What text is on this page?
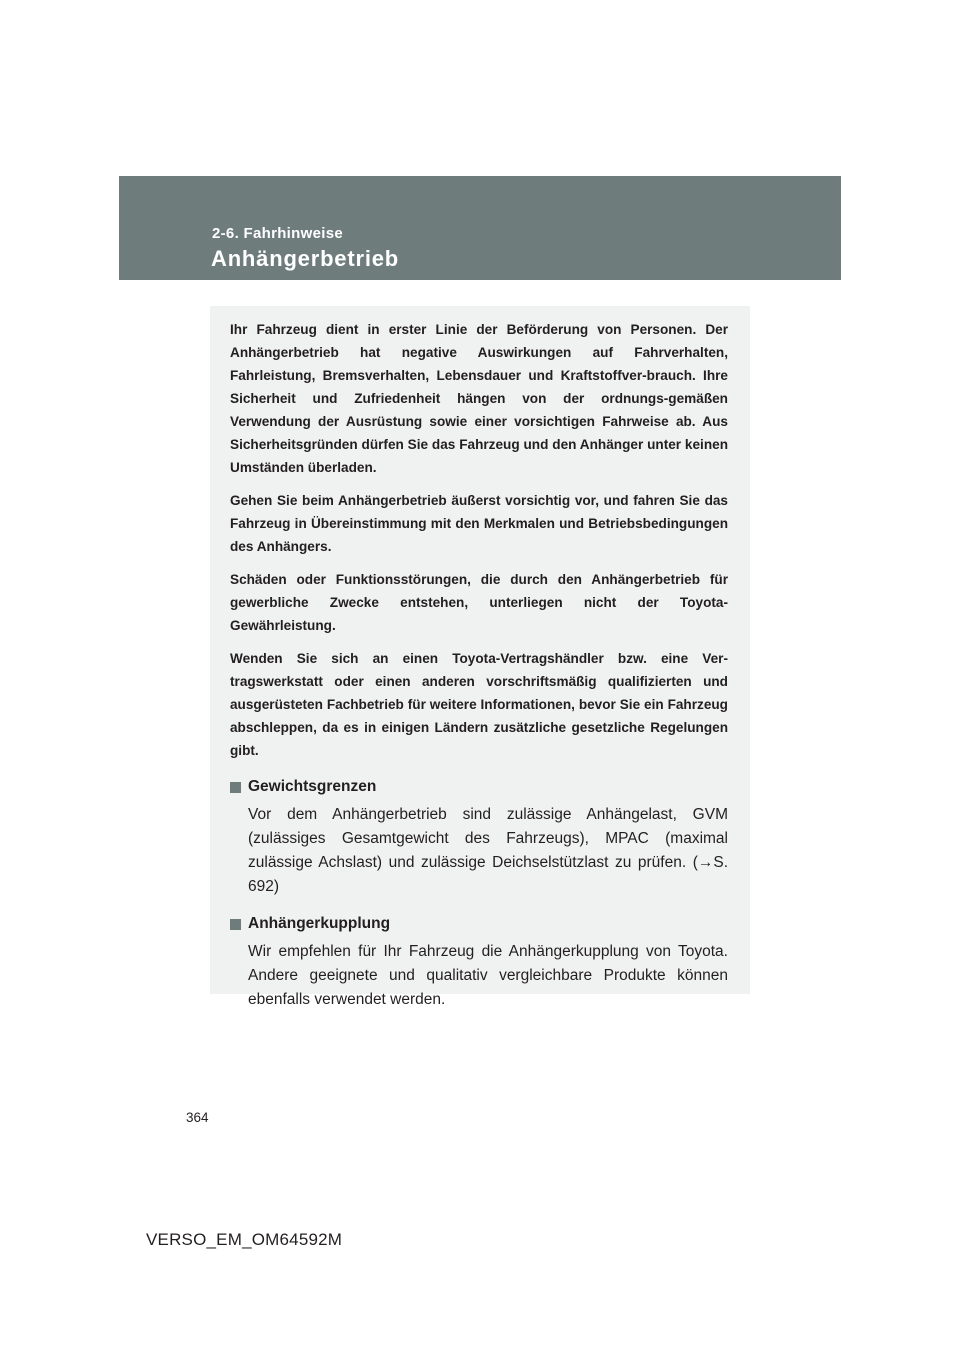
2-6. Fahrhinweise
Anhängerbetrieb

Ihr Fahrzeug dient in erster Linie der Beförderung von Personen. Der Anhängerbetrieb hat negative Auswirkungen auf Fahrverhalten, Fahrleistung, Bremsverhalten, Lebensdauer und Kraftstoffver-brauch. Ihre Sicherheit und Zufriedenheit hängen von der ordnungs-gemäßen Verwendung der Ausrüstung sowie einer vorsichtigen Fahrweise ab. Aus Sicherheitsgründen dürfen Sie das Fahrzeug und den Anhänger unter keinen Umständen überladen.

Gehen Sie beim Anhängerbetrieb äußerst vorsichtig vor, und fahren Sie das Fahrzeug in Übereinstimmung mit den Merkmalen und Betriebsbedingungen des Anhängers.

Schäden oder Funktionsstörungen, die durch den Anhängerbetrieb für gewerbliche Zwecke entstehen, unterliegen nicht der Toyota-Gewährleistung.

Wenden Sie sich an einen Toyota-Vertragshändler bzw. eine Ver-tragswerkstatt oder einen anderen vorschriftsmäßig qualifizierten und ausgerüsteten Fachbetrieb für weitere Informationen, bevor Sie ein Fahrzeug abschleppen, da es in einigen Ländern zusätzliche gesetzliche Regelungen gibt.

Gewichtsgrenzen
Vor dem Anhängerbetrieb sind zulässige Anhängelast, GVM (zulässiges Gesamtgewicht des Fahrzeugs), MPAC (maximal zulässige Achslast) und zulässige Deichselstützlast zu prüfen. (→S. 692)
Anhängerkupplung
Wir empfehlen für Ihr Fahrzeug die Anhängerkupplung von Toyota. Andere geeignete und qualitativ vergleichbare Produkte können ebenfalls verwendet werden.
364
VERSO_EM_OM64592M
